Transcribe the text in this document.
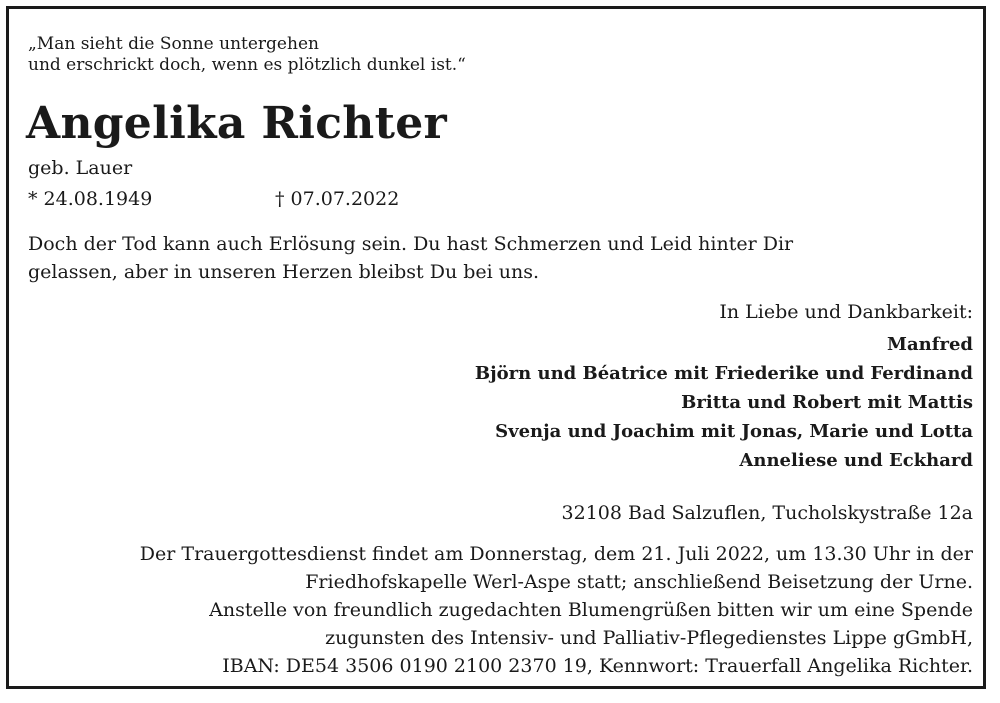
„Man sieht die Sonne untergehen
und erschrickt doch, wenn es plötzlich dunkel ist.“
Angelika Richter
geb. Lauer
* 24.08.1949	† 07.07.2022
Doch der Tod kann auch Erlösung sein. Du hast Schmerzen und Leid hinter Dir
gelassen, aber in unseren Herzen bleibst Du bei uns.
In Liebe und Dankbarkeit:
Manfred
Björn und Béatrice mit Friederike und Ferdinand
Britta und Robert mit Mattis
Svenja und Joachim mit Jonas, Marie und Lotta
Anneliese und Eckhard
32108 Bad Salzuflen, Tucholskystraße 12a
Der Trauergottesdienst findet am Donnerstag, dem 21. Juli 2022, um 13.30 Uhr in der
Friedhofskapelle Werl-Aspe statt; anschließend Beisetzung der Urne.
Anstelle von freundlich zugedachten Blumengrüßen bitten wir um eine Spende
zugunsten des Intensiv- und Palliativ-Pflegedienstes Lippe gGmbH,
IBAN: DE54 3506 0190 2100 2370 19, Kennwort: Trauerfall Angelika Richter.
